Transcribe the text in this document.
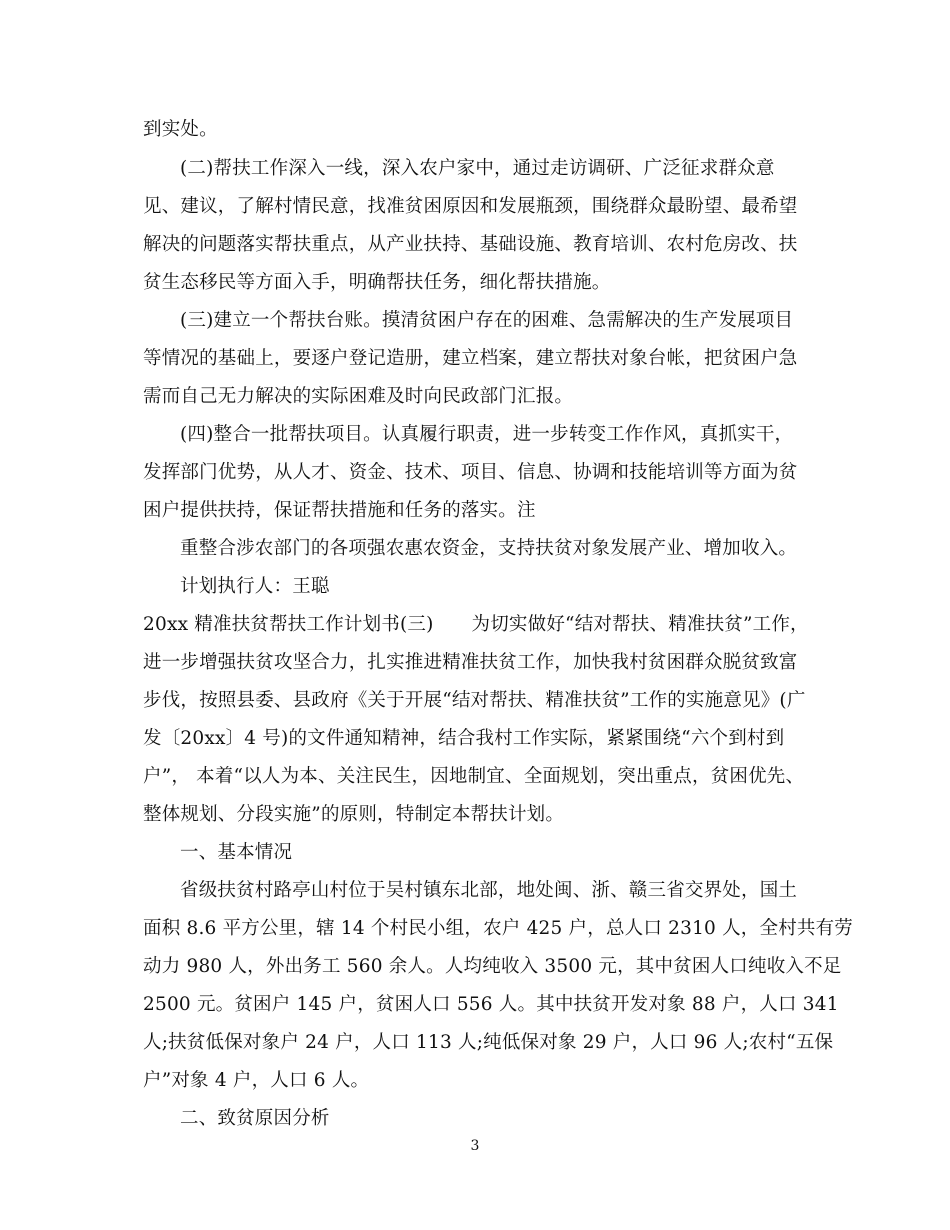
到实处。
(二)帮扶工作深入一线，深入农户家中，通过走访调研、广泛征求群众意
见、建议，了解村情民意，找准贫困原因和发展瓶颈，围绕群众最盼望、最希望
解决的问题落实帮扶重点，从产业扶持、基础设施、教育培训、农村危房改、扶
贫生态移民等方面入手，明确帮扶任务，细化帮扶措施。
(三)建立一个帮扶台账。摸清贫困户存在的困难、急需解决的生产发展项目
等情况的基础上，要逐户登记造册，建立档案，建立帮扶对象台帐，把贫困户急
需而自己无力解决的实际困难及时向民政部门汇报。
(四)整合一批帮扶项目。认真履行职责，进一步转变工作作风，真抓实干，
发挥部门优势，从人才、资金、技术、项目、信息、协调和技能培训等方面为贫
困户提供扶持，保证帮扶措施和任务的落实。注
重整合涉农部门的各项强农惠农资金，支持扶贫对象发展产业、增加收入。
计划执行人：王聪
20xx 精准扶贫帮扶工作计划书(三) 为切实做好“结对帮扶、精准扶贫”工作，
进一步增强扶贫攻坚合力，扎实推进精准扶贫工作，加快我村贫困群众脱贫致富
步伐，按照县委、县政府《关于开展“结对帮扶、精准扶贫”工作的实施意见》(广
发〔20xx〕4 号)的文件通知精神，结合我村工作实际，紧紧围绕“六个到村到
户”， 本着“以人为本、关注民生，因地制宜、全面规划，突出重点，贫困优先、
整体规划、分段实施”的原则，特制定本帮扶计划。
一、基本情况
省级扶贫村路亭山村位于吴村镇东北部，地处闽、浙、赣三省交界处，国土
面积 8.6 平方公里，辖 14 个村民小组，农户 425 户，总人口 2310 人，全村共有劳
动力 980 人，外出务工 560 余人。人均纯收入 3500 元，其中贫困人口纯收入不足
2500 元。贫困户 145 户，贫困人口 556 人。其中扶贫开发对象 88 户，人口 341
人;扶贫低保对象户 24 户，人口 113 人;纯低保对象 29 户，人口 96 人;农村“五保
户”对象 4 户，人口 6 人。
二、致贫原因分析
3
